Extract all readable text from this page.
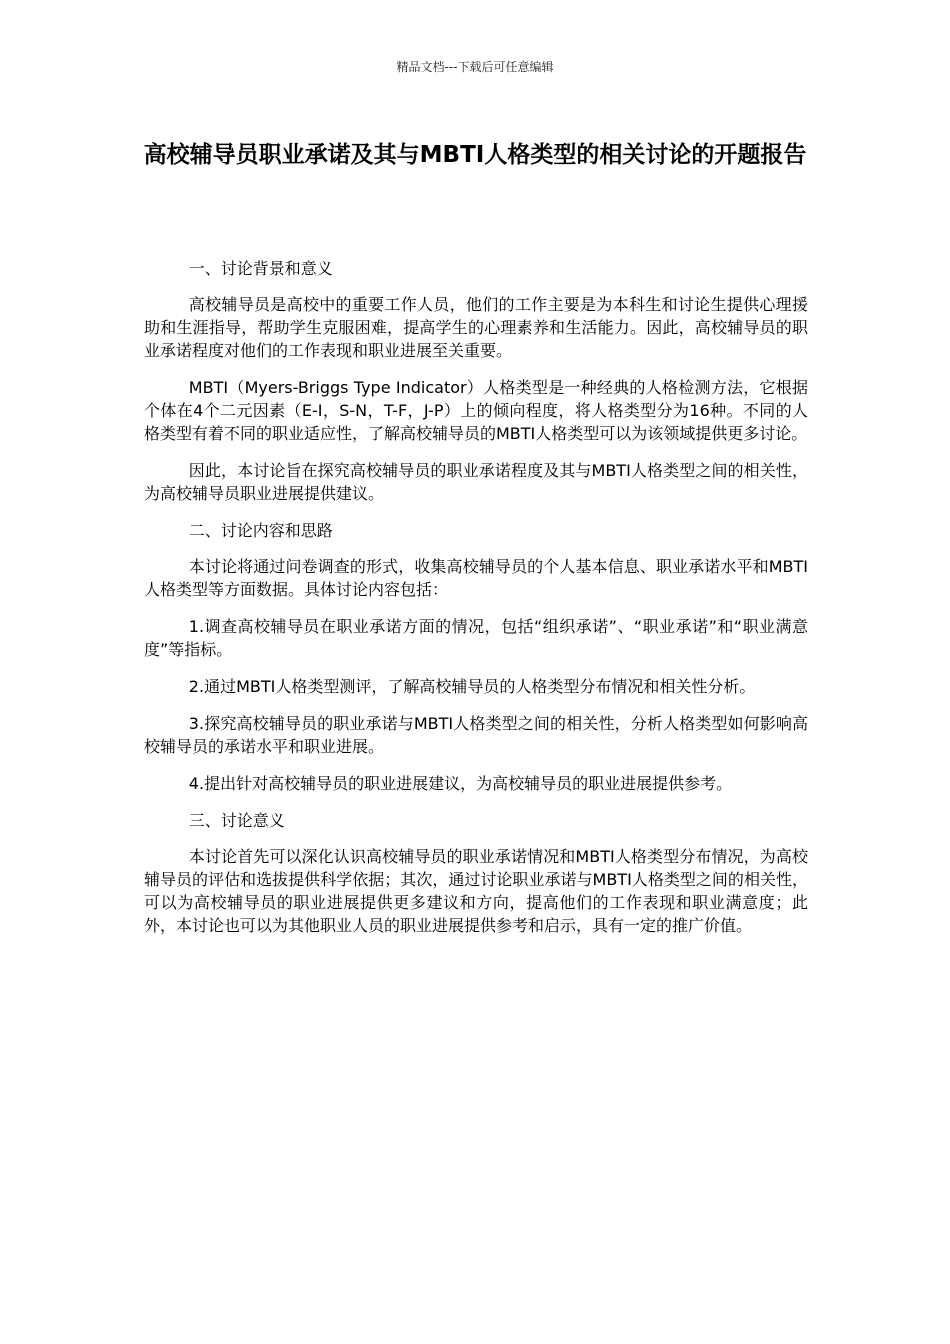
精品文档---下载后可任意编辑
高校辅导员职业承诺及其与MBTI人格类型的相关讨论的开题报告

一、讨论背景和意义

高校辅导员是高校中的重要工作人员，他们的工作主要是为本科生和讨论生提供心理援助和生涯指导，帮助学生克服困难，提高学生的心理素养和生活能力。因此，高校辅导员的职业承诺程度对他们的工作表现和职业进展至关重要。

MBTI（Myers-Briggs Type Indicator）人格类型是一种经典的人格检测方法，它根据个体在4个二元因素（E-I，S-N，T-F，J-P）上的倾向程度，将人格类型分为16种。不同的人格类型有着不同的职业适应性，了解高校辅导员的MBTI人格类型可以为该领域提供更多讨论。

因此，本讨论旨在探究高校辅导员的职业承诺程度及其与MBTI人格类型之间的相关性，为高校辅导员职业进展提供建议。

二、讨论内容和思路

本讨论将通过问卷调查的形式，收集高校辅导员的个人基本信息、职业承诺水平和MBTI人格类型等方面数据。具体讨论内容包括：

1.调查高校辅导员在职业承诺方面的情况，包括“组织承诺”、“职业承诺”和“职业满意度”等指标。

2.通过MBTI人格类型测评，了解高校辅导员的人格类型分布情况和相关性分析。

3.探究高校辅导员的职业承诺与MBTI人格类型之间的相关性，分析人格类型如何影响高校辅导员的承诺水平和职业进展。

4.提出针对高校辅导员的职业进展建议，为高校辅导员的职业进展提供参考。

三、讨论意义

本讨论首先可以深化认识高校辅导员的职业承诺情况和MBTI人格类型分布情况，为高校辅导员的评估和选拔提供科学依据；其次，通过讨论职业承诺与MBTI人格类型之间的相关性，可以为高校辅导员的职业进展提供更多建议和方向，提高他们的工作表现和职业满意度；此外，本讨论也可以为其他职业人员的职业进展提供参考和启示，具有一定的推广价值。
